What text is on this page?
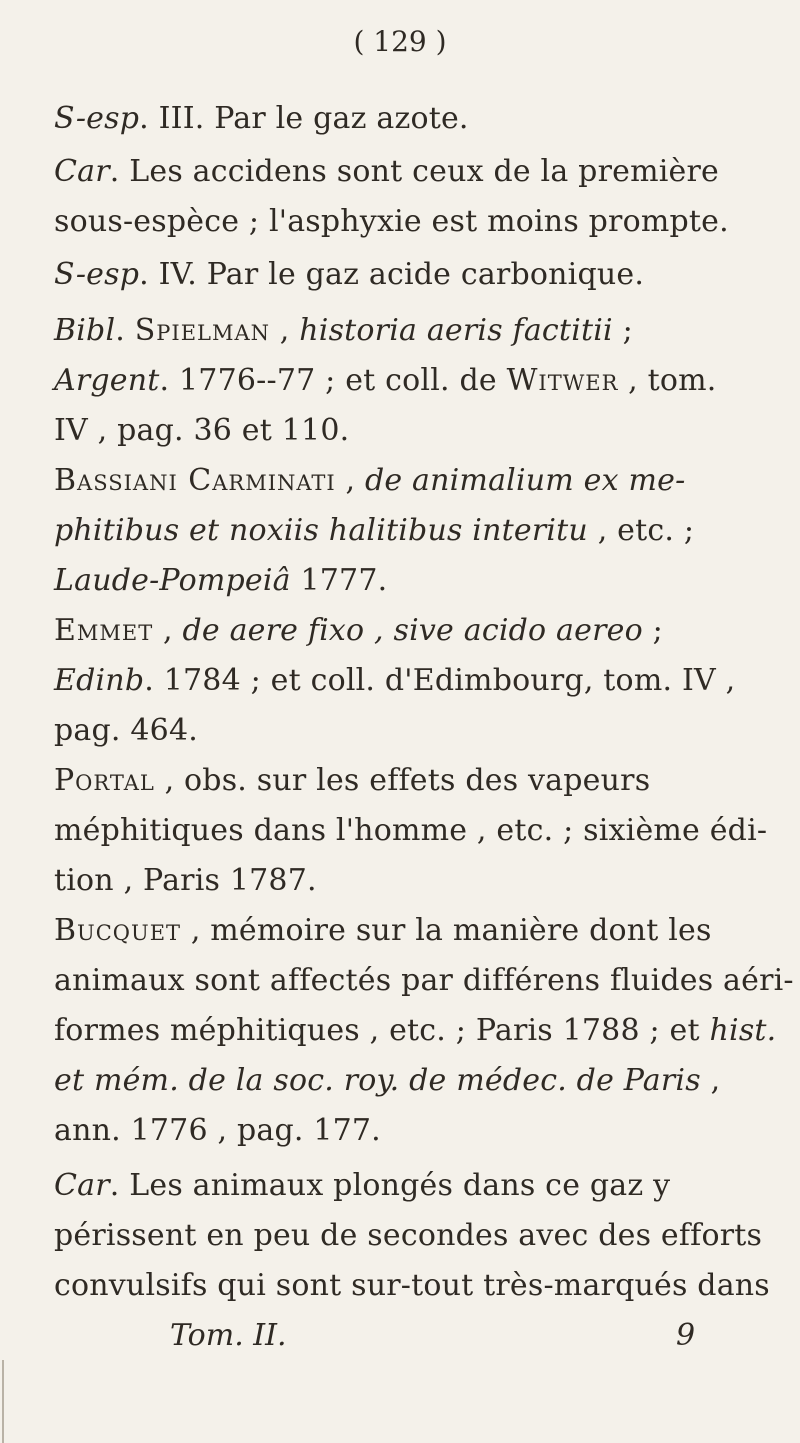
( 129 )
S-esp. III. Par le gaz azote.
Car. Les accidens sont ceux de la première
sous-espèce ; l'asphyxie est moins prompte.
S-esp. IV. Par le gaz acide carbonique.
Bibl. Spielman , historia aeris factitii ;
Argent. 1776--77 ; et coll. de Witwer , tom.
IV , pag. 36 et 110.
Bassiani Carminati , de animalium ex me-
phitibus et noxiis halitibus interitu , etc. ;
Laude-Pompeiâ 1777.
Emmet , de aere fixo , sive acido aereo ;
Edinb. 1784 ; et coll. d'Edimbourg, tom. IV ,
pag. 464.
Portal , obs. sur les effets des vapeurs
méphitiques dans l'homme , etc. ; sixième édi-
tion , Paris 1787.
Bucquet , mémoire sur la manière dont les
animaux sont affectés par différens fluides aéri-
formes méphitiques , etc. ; Paris 1788 ; et hist.
et mém. de la soc. roy. de médec. de Paris ,
ann. 1776 , pag. 177.
Car. Les animaux plongés dans ce gaz y
périssent en peu de secondes avec des efforts
convulsifs qui sont sur-tout très-marqués dans
Tom. II.	9
